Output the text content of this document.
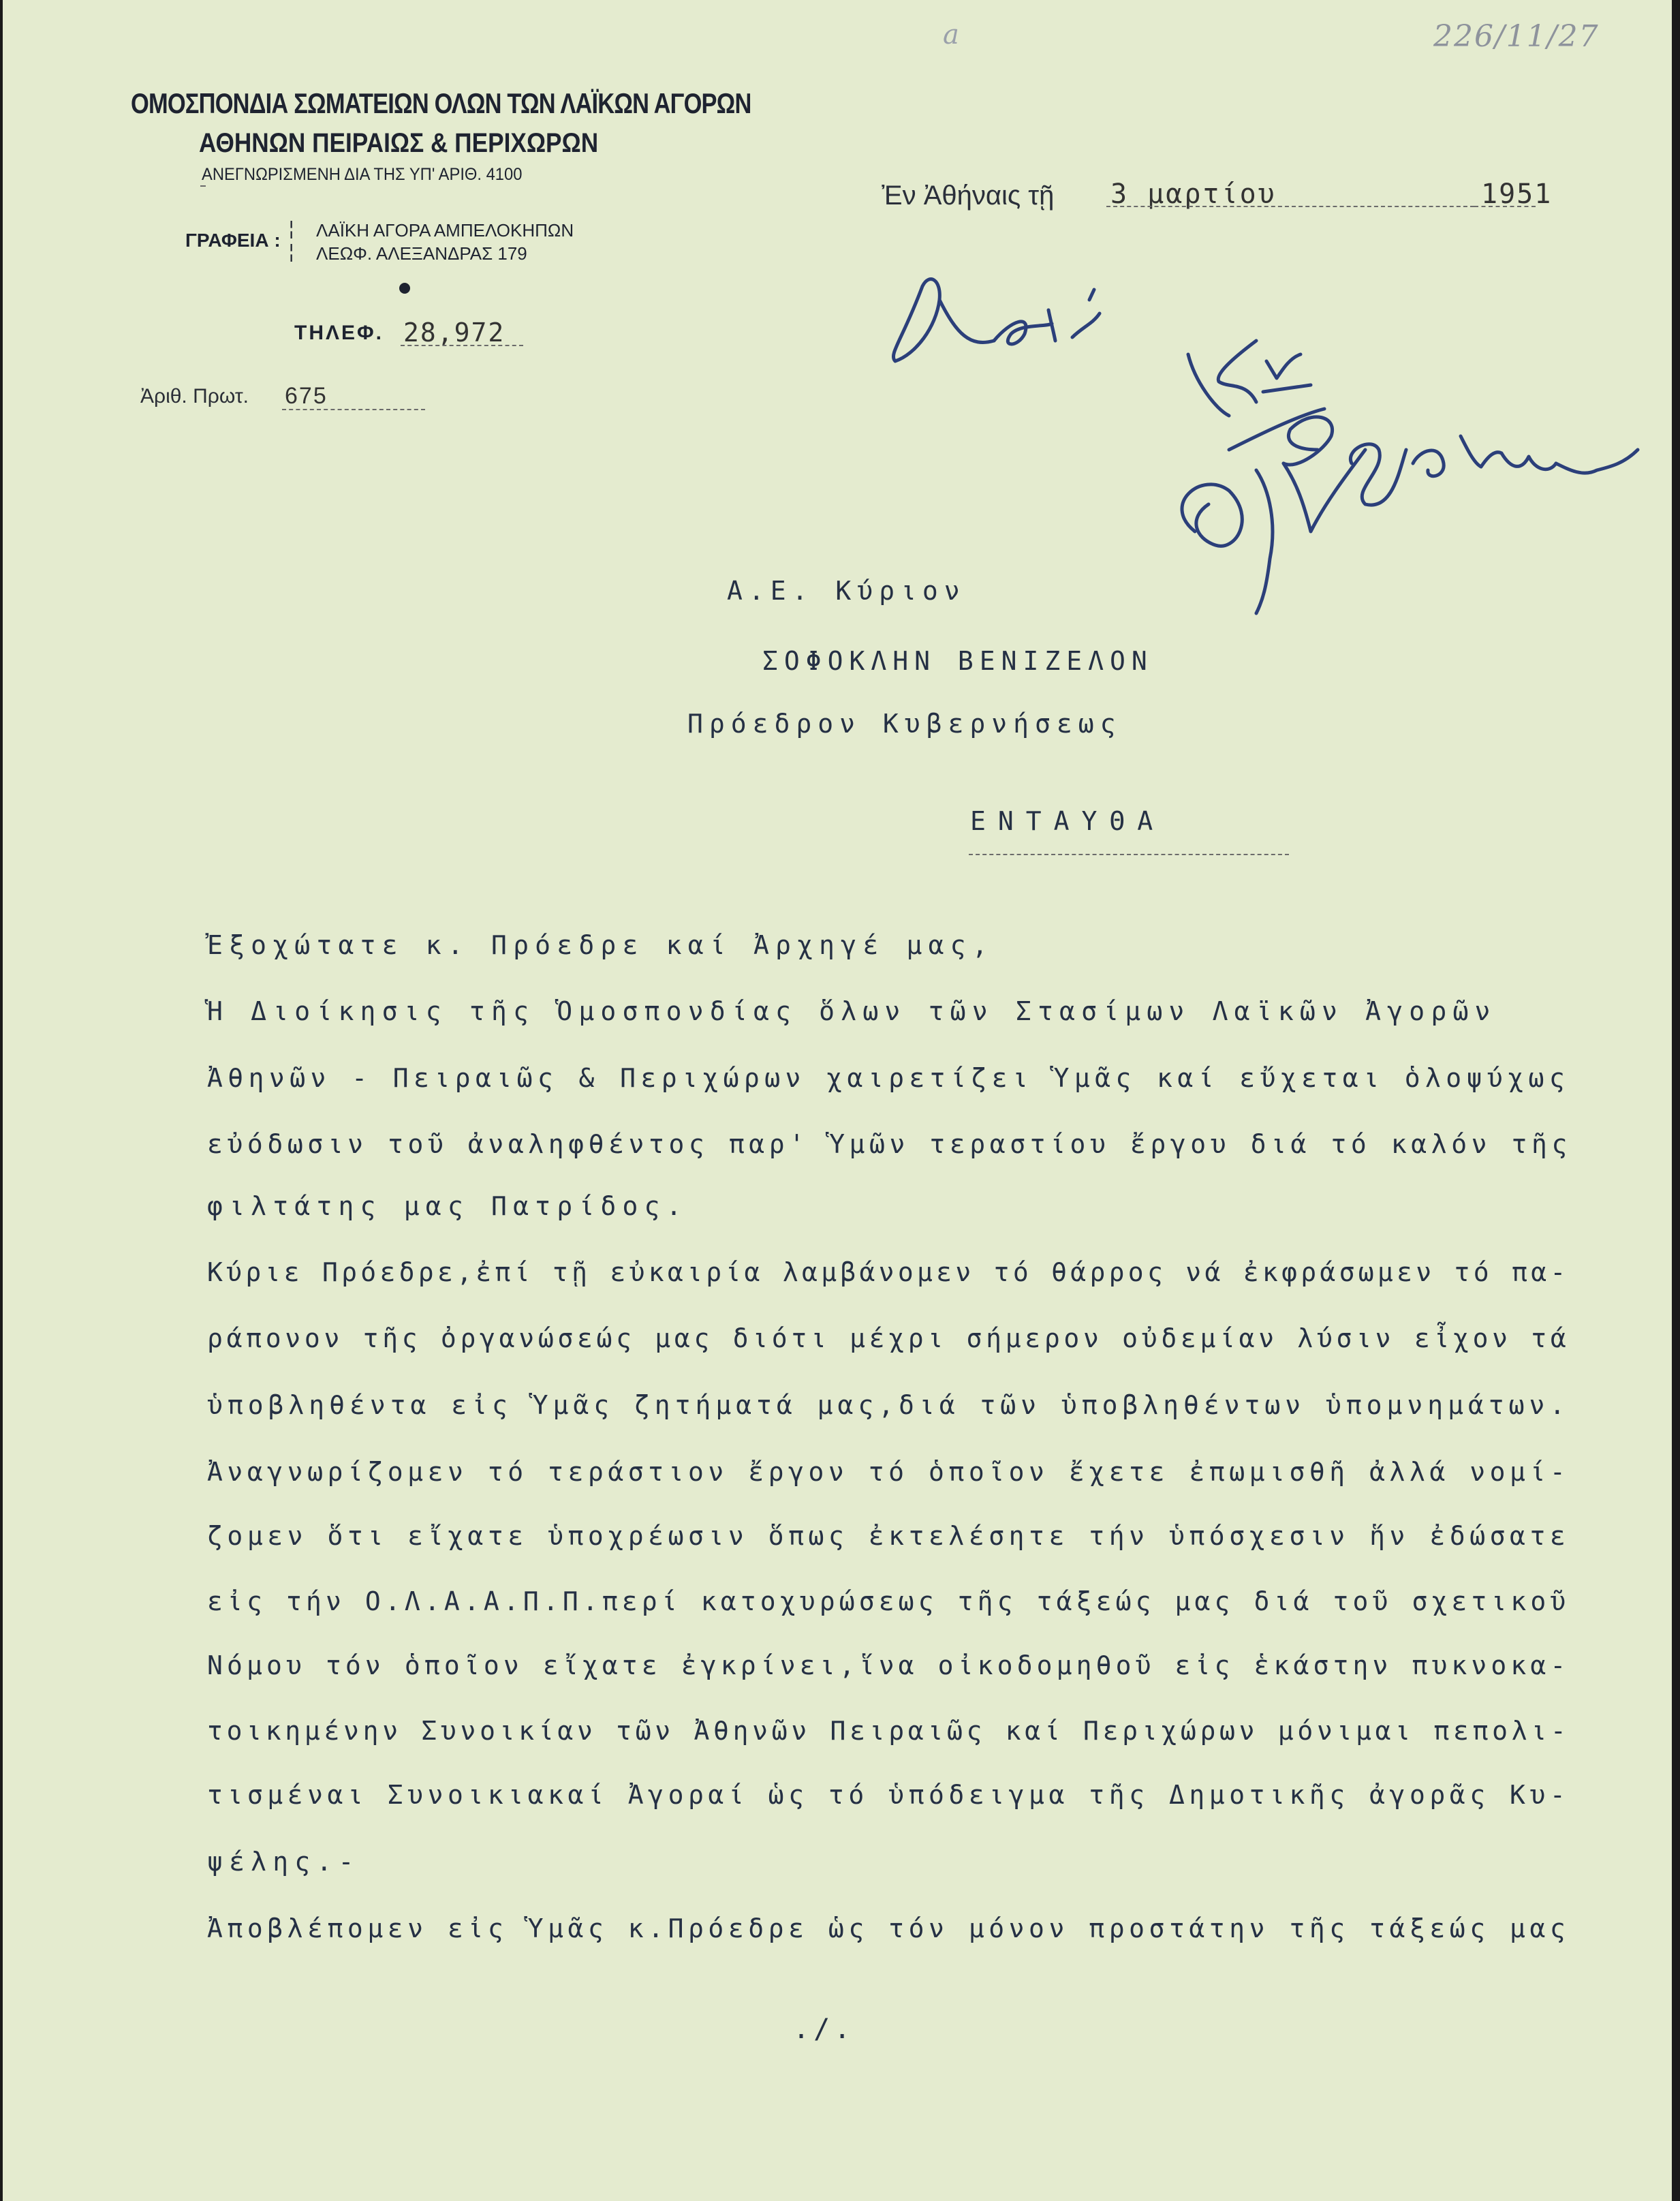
a	226/11/27
ΟΜΟΣΠΟΝΔΙΑ ΣΩΜΑΤΕΙΩΝ ΟΛΩΝ ΤΩΝ ΛΑΪΚΩΝ ΑΓΟΡΩΝ
ΑΘΗΝΩΝ ΠΕΙΡΑΙΩΣ & ΠΕΡΙΧΩΡΩΝ
ΑΝΕΓΝΩΡΙΣΜΕΝΗ ΔΙΑ ΤΗΣ ΥΠ' ΑΡΙΘ. 4100
ΓΡΑΦΕΙΑ :
¦
¦
ΛΑΪΚΗ ΑΓΟΡΑ ΑΜΠΕΛΟΚΗΠΩΝ
ΛΕΩΦ. ΑΛΕΞΑΝΔΡΑΣ 179
ΤΗΛΕΦ. 28,972
Ἀριθ. Πρωτ. 675
Ἐν Ἀθήναις τῇ 3 μαρτίου	1951
Α.Ε. Κύριον
ΣΟΦΟΚΛΗΝ ΒΕΝΙΖΕΛΟΝ
Πρόεδρον Κυβερνήσεως
ΕΝΤΑΥΘΑ
Ἐξοχώτατε κ. Πρόεδρε καί Ἀρχηγέ μας,
Ἡ Διοίκησις τῆς Ὁμοσπονδίας ὅλων τῶν Στασίμων Λαϊκῶν Ἀγορῶν
Ἀθηνῶν - Πειραιῶς & Περιχώρων χαιρετίζει Ὑμᾶς καί εὔχεται ὁλοψύχως
εὐόδωσιν τοῦ ἀναληφθέντος παρ' Ὑμῶν τεραστίου ἔργου διά τό καλόν τῆς
φιλτάτης μας Πατρίδος.
Κύριε Πρόεδρε,ἐπί τῇ εὐκαιρία λαμβάνομεν τό θάρρος νά ἐκφράσωμεν τό πα-
ράπονον τῆς ὀργανώσεώς μας διότι μέχρι σήμερον οὐδεμίαν λύσιν εἶχον τά
ὑποβληθέντα εἰς Ὑμᾶς ζητήματά μας,διά τῶν ὑποβληθέντων ὑπομνημάτων.
Ἀναγνωρίζομεν τό τεράστιον ἔργον τό ὁποῖον ἔχετε ἐπωμισθῆ ἀλλά νομί-
ζομεν ὅτι εἴχατε ὑποχρέωσιν ὅπως ἐκτελέσητε τήν ὑπόσχεσιν ἥν ἐδώσατε
εἰς τήν Ο.Λ.Α.Α.Π.Π.περί κατοχυρώσεως τῆς τάξεώς μας διά τοῦ σχετικοῦ
Νόμου τόν ὁποῖον εἴχατε ἐγκρίνει,ἵνα οἰκοδομηθοῦ εἰς ἑκάστην πυκνοκα-
τοικημένην Συνοικίαν τῶν Ἀθηνῶν Πειραιῶς καί Περιχώρων μόνιμαι πεπολι-
τισμέναι Συνοικιακαί Ἀγοραί ὡς τό ὑπόδειγμα τῆς Δημοτικῆς ἀγορᾶς Κυ-
ψέλης.-
Ἀποβλέπομεν εἰς Ὑμᾶς κ.Πρόεδρε ὡς τόν μόνον προστάτην τῆς τάξεώς μας
./.
